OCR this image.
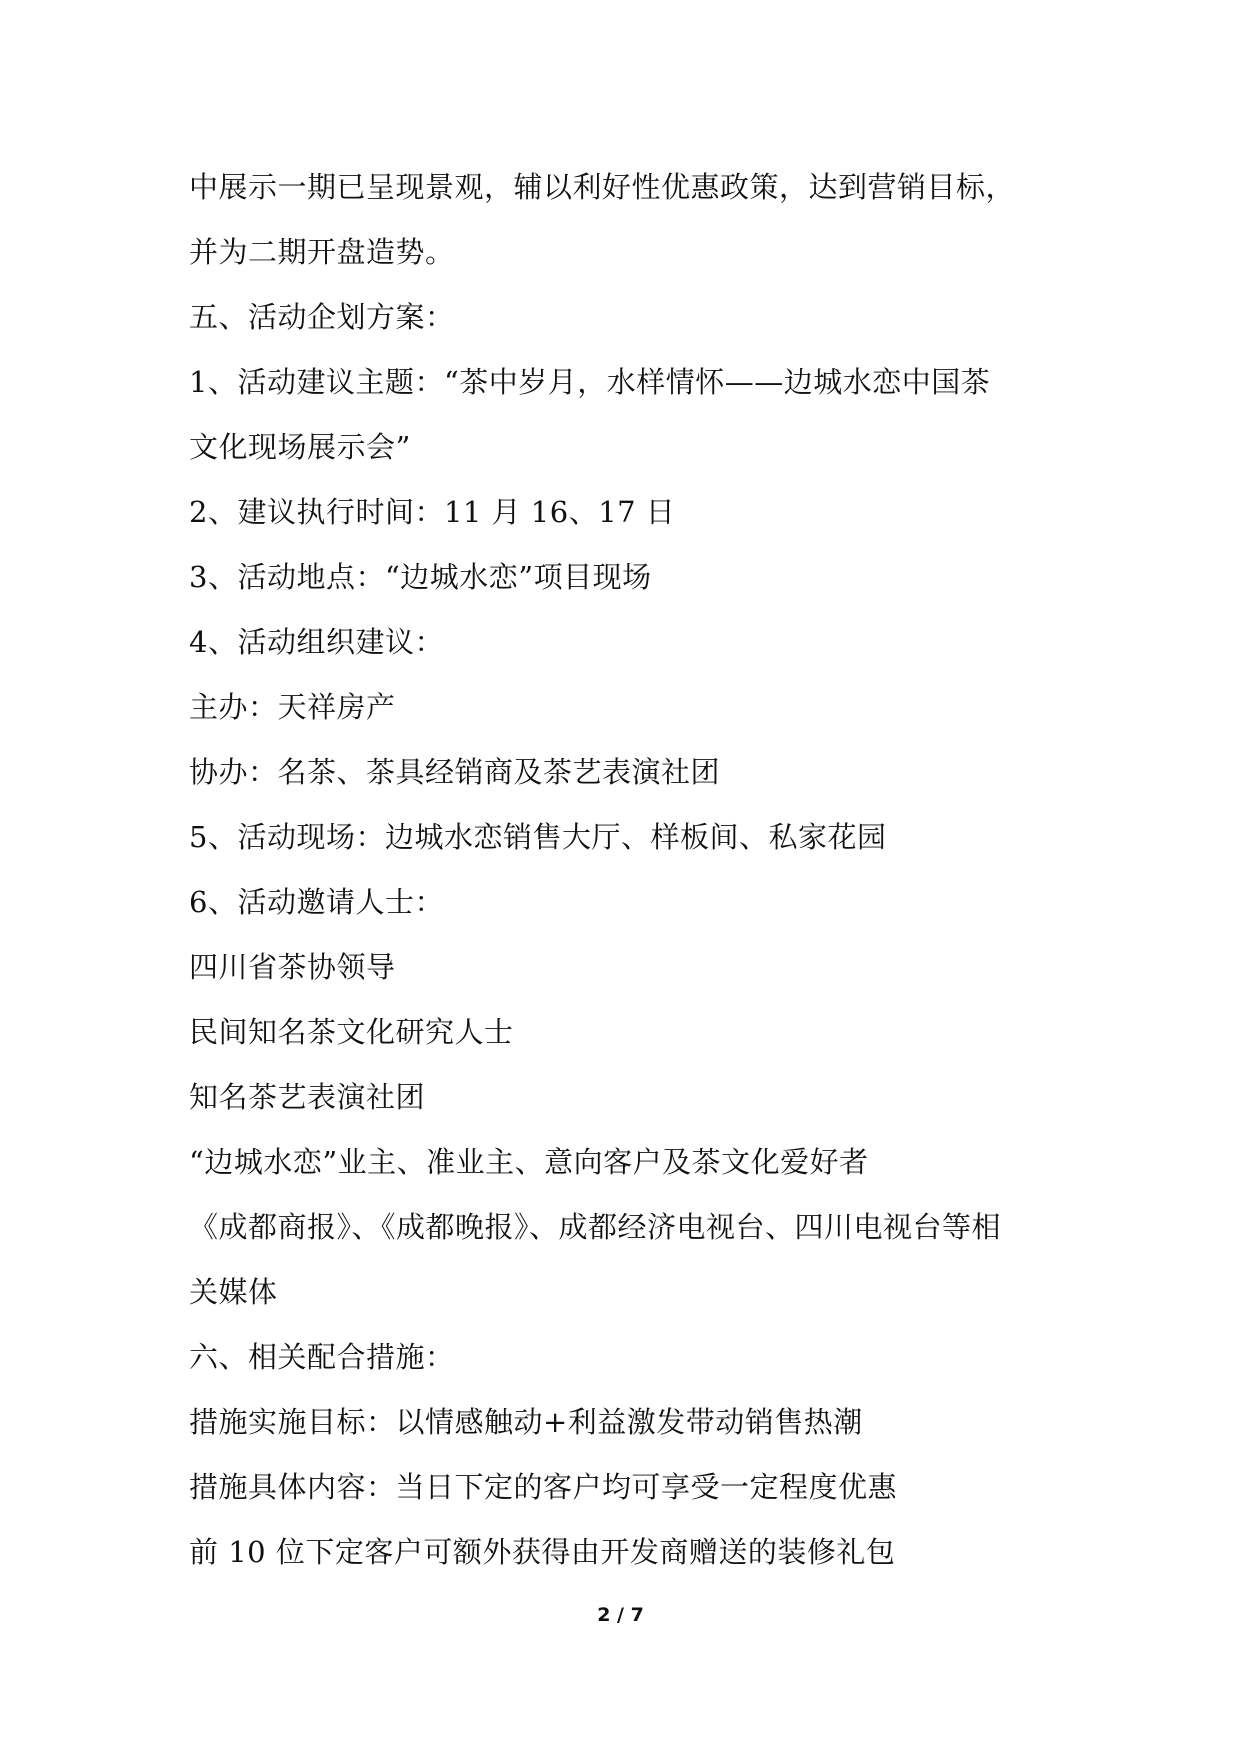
中展示一期已呈现景观，辅以利好性优惠政策，达到营销目标，
并为二期开盘造势。
五、活动企划方案：
1、活动建议主题：“茶中岁月，水样情怀——边城水恋中国茶
文化现场展示会”
2、建议执行时间：11 月 16、17 日
3、活动地点：“边城水恋”项目现场
4、活动组织建议：
主办：天祥房产
协办：名茶、茶具经销商及茶艺表演社团
5、活动现场：边城水恋销售大厅、样板间、私家花园
6、活动邀请人士：
四川省茶协领导
民间知名茶文化研究人士
知名茶艺表演社团
“边城水恋”业主、准业主、意向客户及茶文化爱好者
《成都商报》、《成都晚报》、成都经济电视台、四川电视台等相
关媒体
六、相关配合措施：
措施实施目标：以情感触动+利益激发带动销售热潮
措施具体内容：当日下定的客户均可享受一定程度优惠
前 10 位下定客户可额外获得由开发商赠送的装修礼包
2 / 7
